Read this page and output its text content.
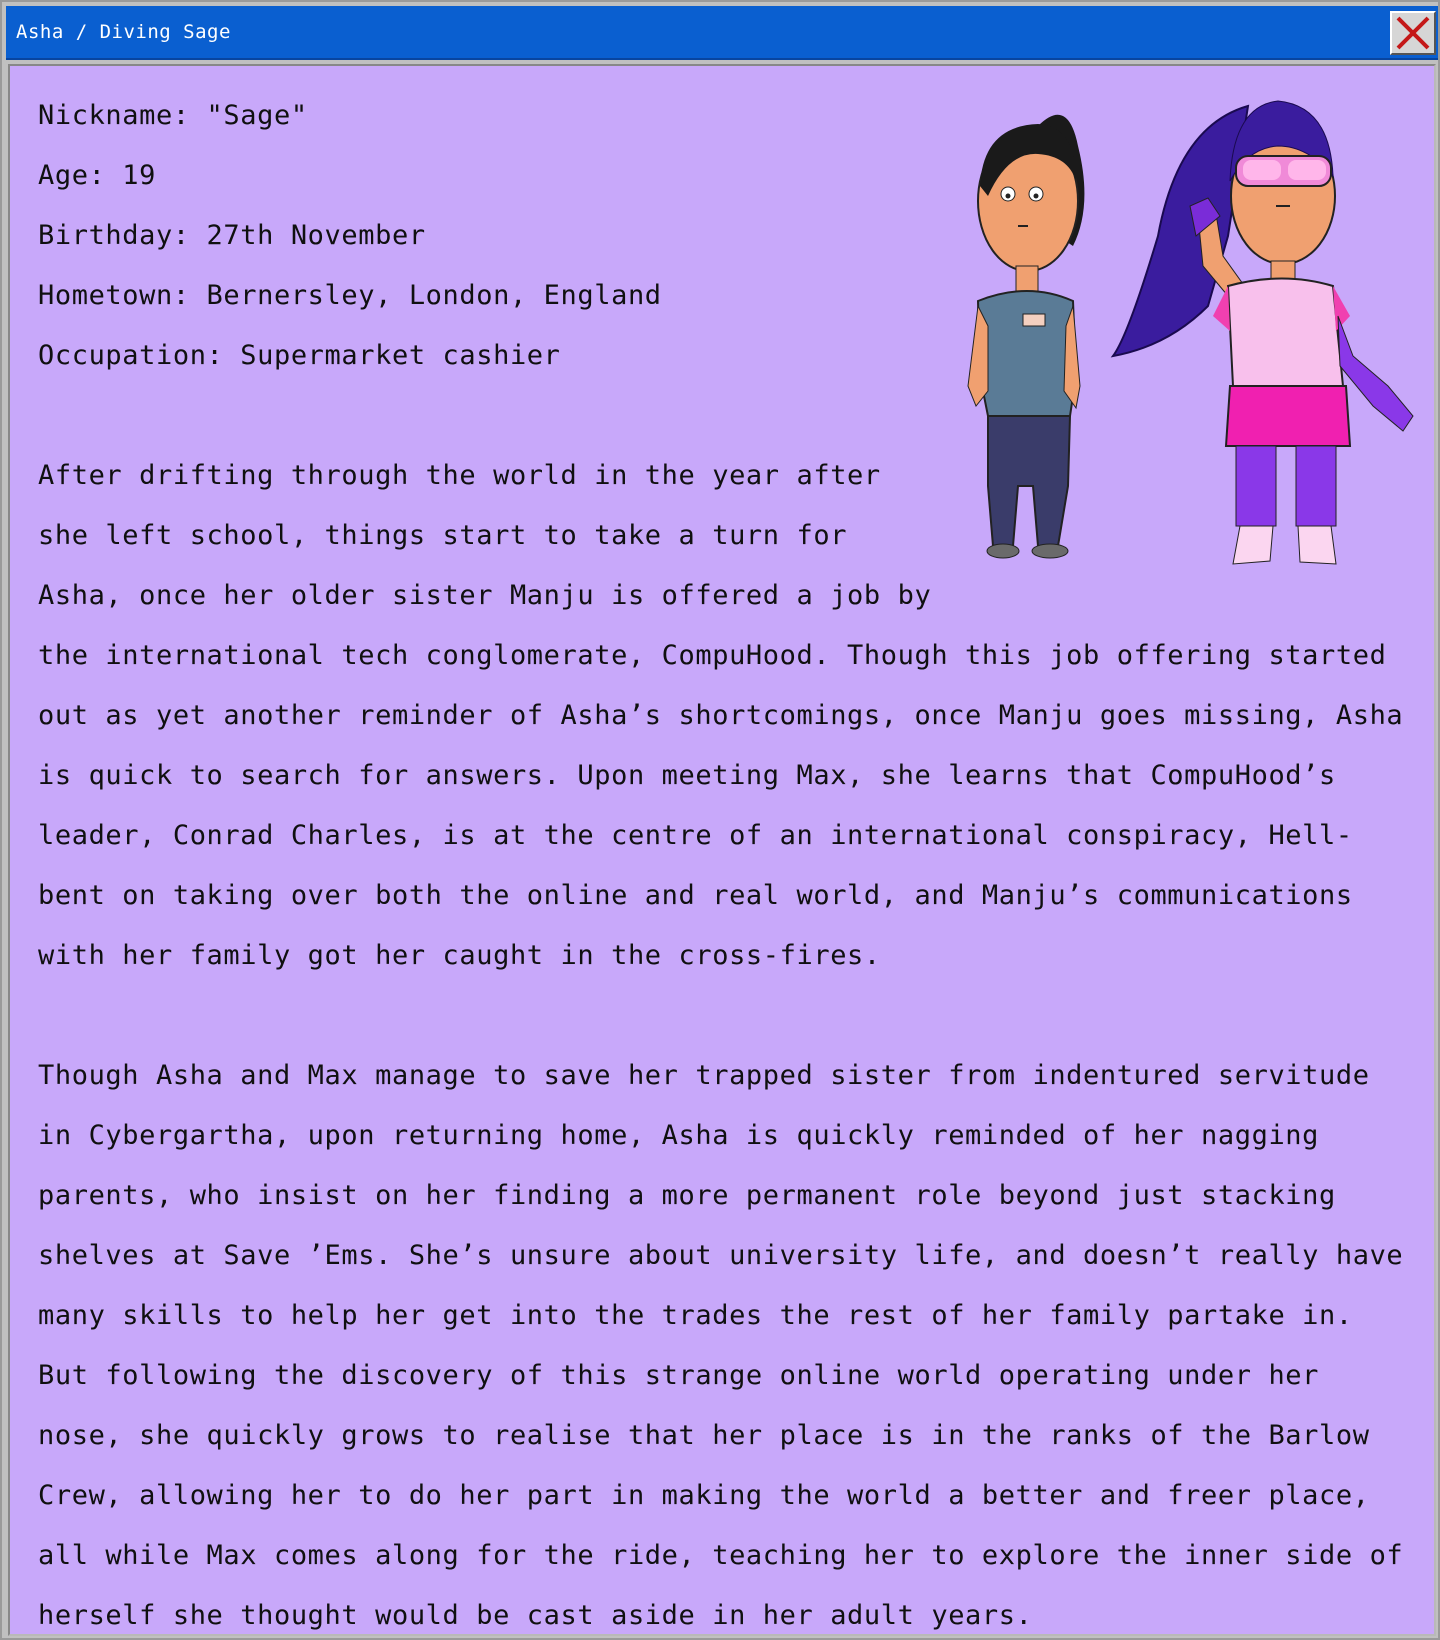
Asha / Diving Sage

Nickname: "Sage"

Age: 19

Birthday: 27th November

Hometown: Bernersley, London, England

Occupation: Supermarket cashier

After drifting through the world in the year after she left school, things start to take a turn for Asha, once her older sister Manju is offered a job by the international tech conglomerate, CompuHood. Though this job offering started out as yet another reminder of Asha’s shortcomings, once Manju goes missing, Asha is quick to search for answers. Upon meeting Max, she learns that CompuHood’s leader, Conrad Charles, is at the centre of an international conspiracy, Hell-bent on taking over both the online and real world, and Manju’s communications with her family got her caught in the cross-fires.

Though Asha and Max manage to save her trapped sister from indentured servitude in Cybergartha, upon returning home, Asha is quickly reminded of her nagging parents, who insist on her finding a more permanent role beyond just stacking shelves at Save ’Ems. She’s unsure about university life, and doesn’t really have many skills to help her get into the trades the rest of her family partake in. But following the discovery of this strange online world operating under her nose, she quickly grows to realise that her place is in the ranks of the Barlow Crew, allowing her to do her part in making the world a better and freer place, all while Max comes along for the ride, teaching her to explore the inner side of herself she thought would be cast aside in her adult years.
